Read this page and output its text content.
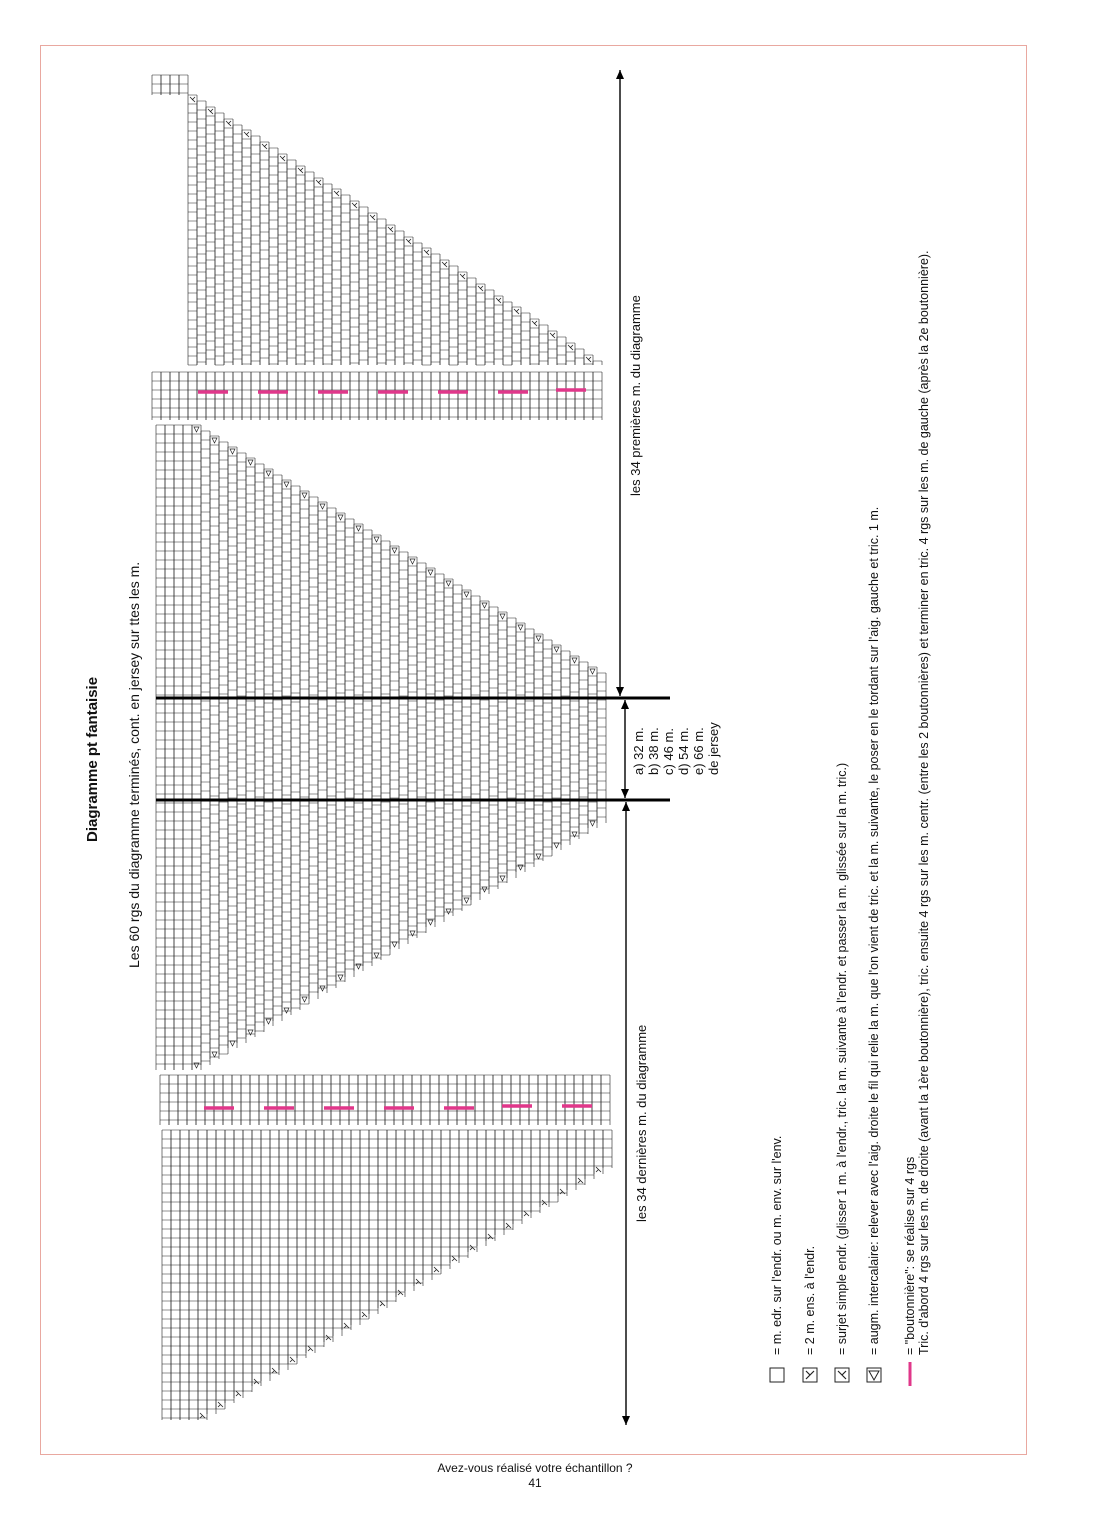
Diagramme pt fantaisie Les 60 rgs du diagramme terminés, cont. en jersey sur ttes les m.
les 34 premières m. du diagramme
les 34 dernières m. du diagramme
a) 32 m. b) 38 m. c) 46 m. d) 54 m. e) 66 m. de jersey
= m. edr. sur l'endr. ou m. env. sur l'env. = 2 m. ens. à l'endr. = surjet simple endr. (glisser 1 m. à l'endr., tric. la m. suivante à l'endr. et passer la m. glissée sur la m. tric.) = augm. intercalaire: relever avec l'aig. droite le fil qui relie la m. que l'on vient de tric. et la m. suivante, le poser en le tordant sur l'aig. gauche et tric. 1 m. = "boutonnière": se réalise sur 4 rgs Tric. d'abord 4 rgs sur les m. de droite (avant la 1ère boutonnière), tric. ensuite 4 rgs sur les m. centr. (entre les 2 boutonnières) et terminer en tric. 4 rgs sur les m. de gauche (après la 2e boutonnière).
Avez-vous réalisé votre échantillon ?
41
